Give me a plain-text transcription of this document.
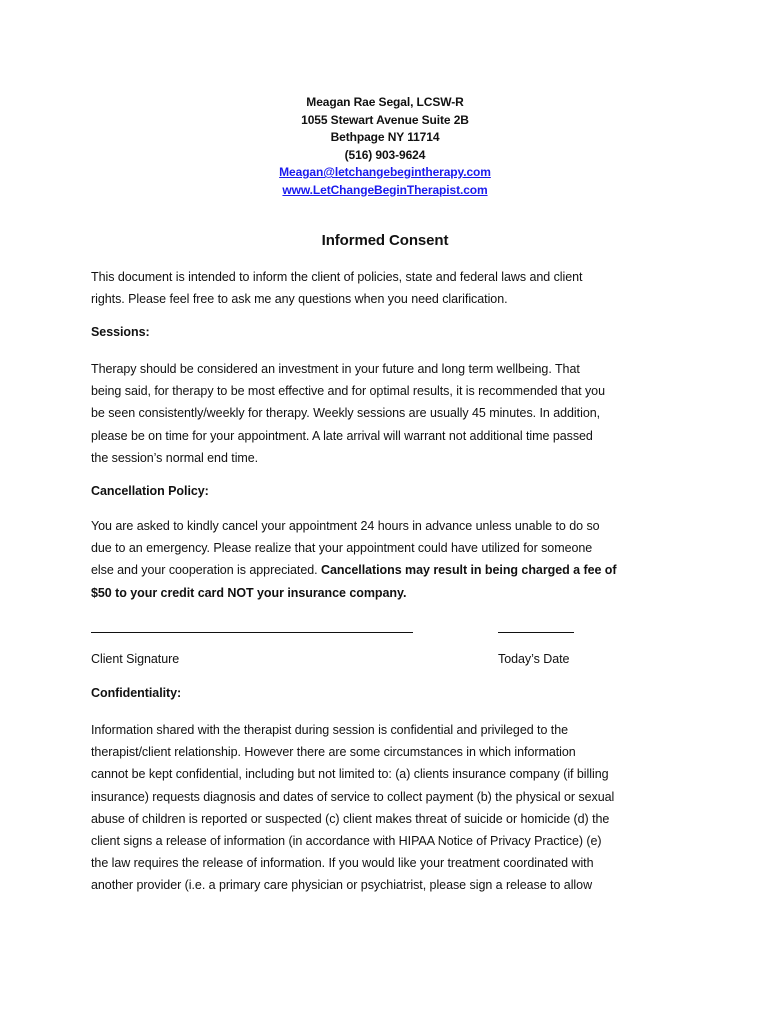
Meagan Rae Segal, LCSW-R
1055 Stewart Avenue Suite 2B
Bethpage NY 11714
(516) 903-9624
Meagan@letchangebegintherapy.com
www.LetChangeBeginTherapist.com
Informed Consent
This document is intended to inform the client of policies, state and federal laws and client
rights. Please feel free to ask me any questions when you need clarification.
Sessions:
Therapy should be considered an investment in your future and long term wellbeing. That
being said, for therapy to be most effective and for optimal results, it is recommended that you
be seen consistently/weekly for therapy. Weekly sessions are usually 45 minutes. In addition,
please be on time for your appointment. A late arrival will warrant not additional time passed
the session’s normal end time.
Cancellation Policy:
You are asked to kindly cancel your appointment 24 hours in advance unless unable to do so
due to an emergency. Please realize that your appointment could have utilized for someone
else and your cooperation is appreciated. Cancellations may result in being charged a fee of
$50 to your credit card NOT your insurance company.
Client Signature	Today’s Date
Confidentiality:
Information shared with the therapist during session is confidential and privileged to the
therapist/client relationship. However there are some circumstances in which information
cannot be kept confidential, including but not limited to: (a) clients insurance company (if billing
insurance) requests diagnosis and dates of service to collect payment (b) the physical or sexual
abuse of children is reported or suspected (c) client makes threat of suicide or homicide (d) the
client signs a release of information (in accordance with HIPAA Notice of Privacy Practice) (e)
the law requires the release of information. If you would like your treatment coordinated with
another provider (i.e. a primary care physician or psychiatrist, please sign a release to allow
